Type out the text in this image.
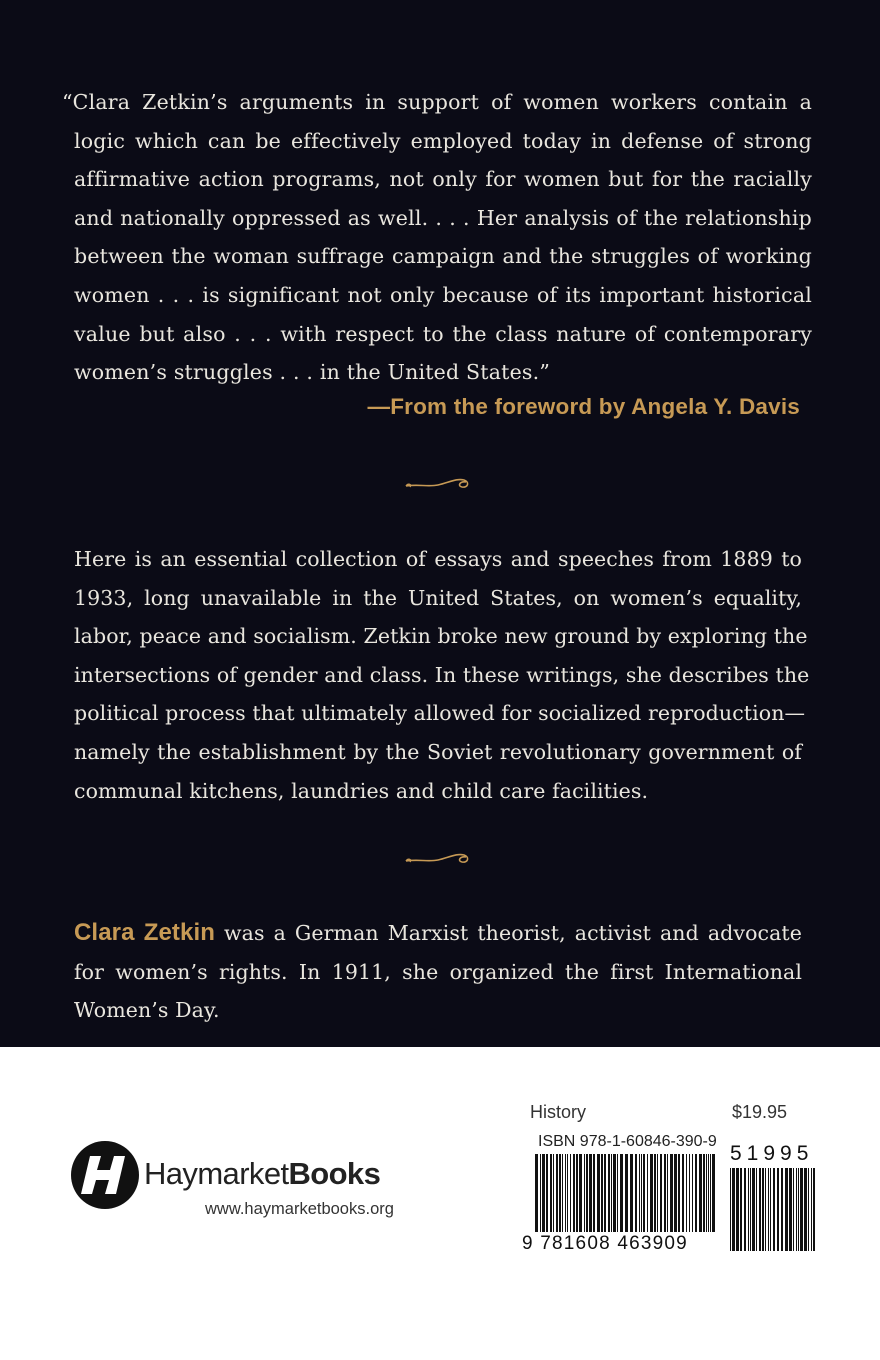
“Clara Zetkin’s arguments in support of women workers contain a
logic which can be effectively employed today in defense of strong
affirmative action programs, not only for women but for the racially
and nationally oppressed as well. . . . Her analysis of the relationship
between the woman suffrage campaign and the struggles of working
women . . . is significant not only because of its important historical
value but also . . . with respect to the class nature of contemporary
women’s struggles . . . in the United States.”
—From the foreword by Angela Y. Davis
Here is an essential collection of essays and speeches from 1889 to
1933, long unavailable in the United States, on women’s equality,
labor, peace and socialism. Zetkin broke new ground by exploring the
intersections of gender and class. In these writings, she describes the
political process that ultimately allowed for socialized reproduction—
namely the establishment by the Soviet revolutionary government of
communal kitchens, laundries and child care facilities.
Clara Zetkin was a German Marxist theorist, activist and advocate
for women’s rights. In 1911, she organized the first International
Women’s Day.
HaymarketBooks
www.haymarketbooks.org
History	$19.95
ISBN 978-1-60846-390-9
51995
9 781608 463909
